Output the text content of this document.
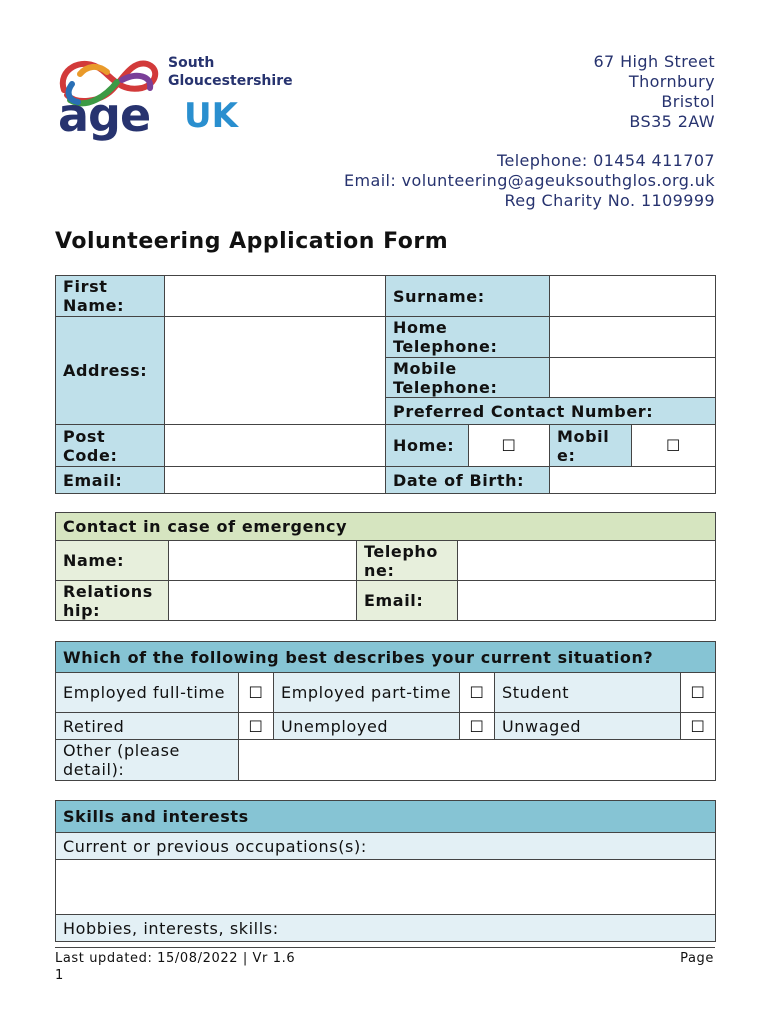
South Gloucestershire
age UK
67 High Street
Thornbury
Bristol
BS35 2AW
Telephone: 01454 411707
Email: volunteering@ageuksouthglos.org.uk
Reg Charity No. 1109999
Volunteering Application Form
First Name:		Surname:		
Address:		Home Telephone:		
		Mobile Telephone:		
		Preferred Contact Number:		
Post Code:		Home: ☐	Mobil e:	☐
Email:		Date of Birth:		
Contact in case of emergency			
Name:		Telepho ne:	
Relations hip:		Email:	
Which of the following best describes your current situation?					
Employed full-time	☐	Employed part-time	☐	Student	☐
Retired	☐	Unemployed	☐	Unwaged	☐
Other (please detail):					
Skills and interests
Current or previous occupations(s):

Hobbies, interests, skills:
Last updated: 15/08/2022 | Vr 1.6
1
Page
